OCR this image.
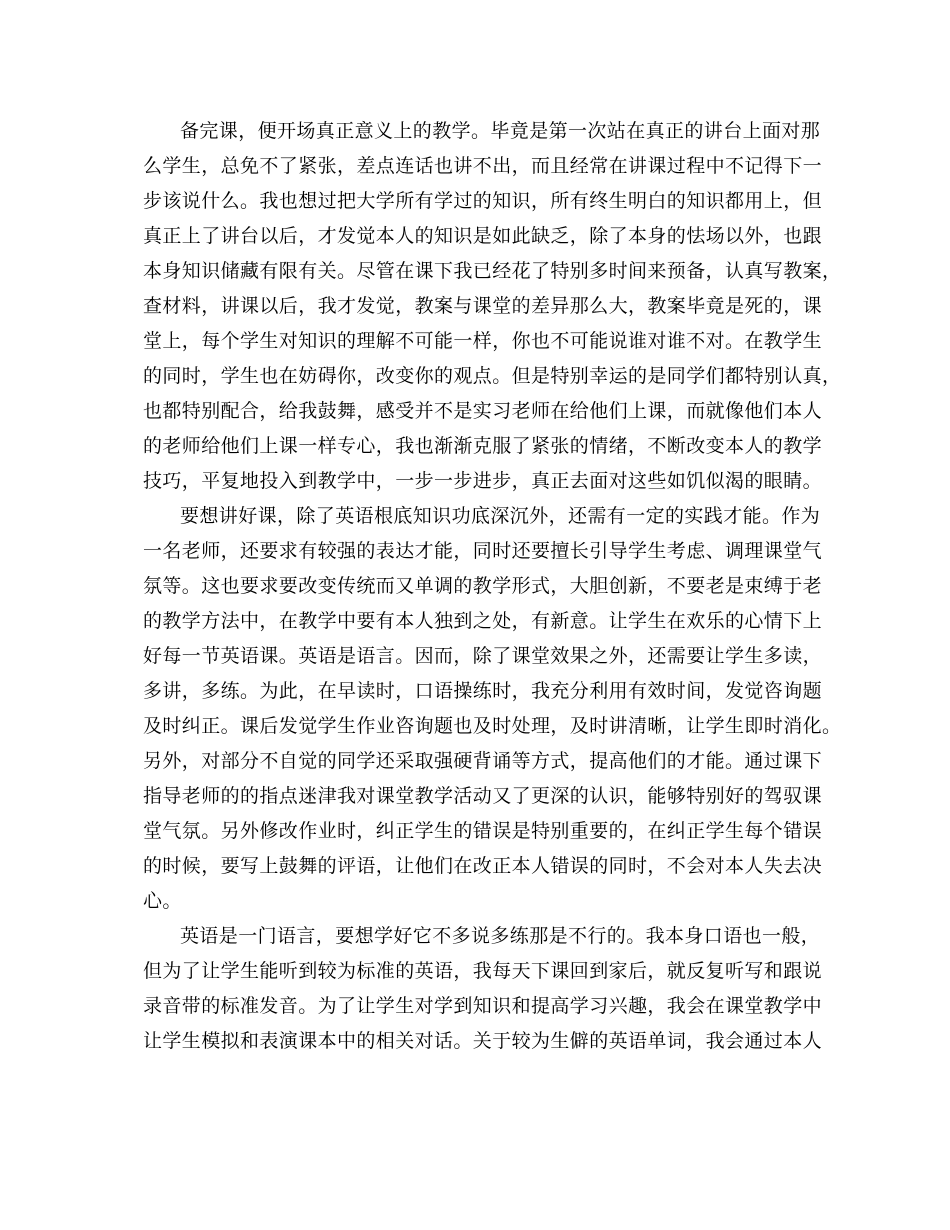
备完课，便开场真正意义上的教学。毕竟是第一次站在真正的讲台上面对那
么学生，总免不了紧张，差点连话也讲不出，而且经常在讲课过程中不记得下一
步该说什么。我也想过把大学所有学过的知识，所有终生明白的知识都用上，但
真正上了讲台以后，才发觉本人的知识是如此缺乏，除了本身的怯场以外，也跟
本身知识储藏有限有关。尽管在课下我已经花了特别多时间来预备，认真写教案，
查材料，讲课以后，我才发觉，教案与课堂的差异那么大，教案毕竟是死的，课
堂上，每个学生对知识的理解不可能一样，你也不可能说谁对谁不对。在教学生
的同时，学生也在妨碍你，改变你的观点。但是特别幸运的是同学们都特别认真，
也都特别配合，给我鼓舞，感受并不是实习老师在给他们上课，而就像他们本人
的老师给他们上课一样专心，我也渐渐克服了紧张的情绪，不断改变本人的教学
技巧，平复地投入到教学中，一步一步进步，真正去面对这些如饥似渴的眼睛。
要想讲好课，除了英语根底知识功底深沉外，还需有一定的实践才能。作为
一名老师，还要求有较强的表达才能，同时还要擅长引导学生考虑、调理课堂气
氛等。这也要求要改变传统而又单调的教学形式，大胆创新，不要老是束缚于老
的教学方法中，在教学中要有本人独到之处，有新意。让学生在欢乐的心情下上
好每一节英语课。英语是语言。因而，除了课堂效果之外，还需要让学生多读，
多讲，多练。为此，在早读时，口语操练时，我充分利用有效时间，发觉咨询题
及时纠正。课后发觉学生作业咨询题也及时处理，及时讲清晰，让学生即时消化。
另外，对部分不自觉的同学还采取强硬背诵等方式，提高他们的才能。通过课下
指导老师的的指点迷津我对课堂教学活动又了更深的认识，能够特别好的驾驭课
堂气氛。另外修改作业时，纠正学生的错误是特别重要的，在纠正学生每个错误
的时候，要写上鼓舞的评语，让他们在改正本人错误的同时，不会对本人失去决
心。
英语是一门语言，要想学好它不多说多练那是不行的。我本身口语也一般，
但为了让学生能听到较为标准的英语，我每天下课回到家后，就反复听写和跟说
录音带的标准发音。为了让学生对学到知识和提高学习兴趣，我会在课堂教学中
让学生模拟和表演课本中的相关对话。关于较为生僻的英语单词，我会通过本人
